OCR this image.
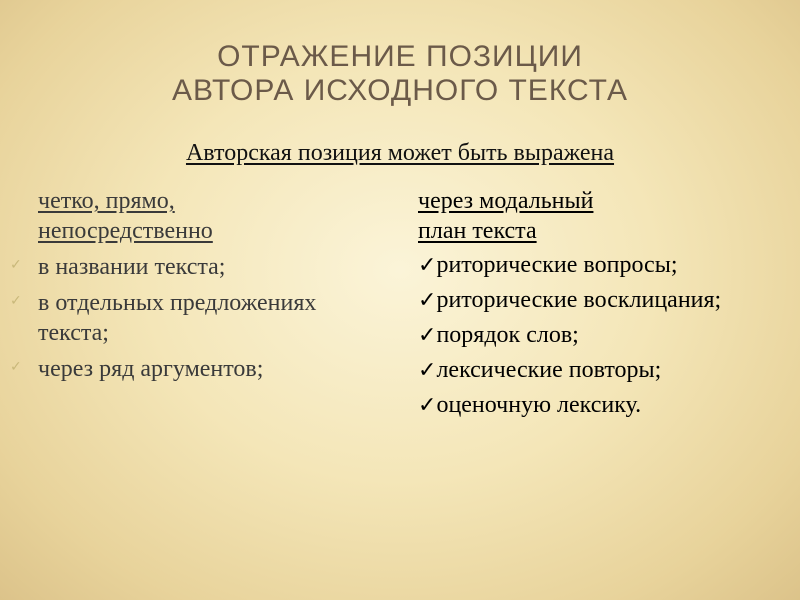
ОТРАЖЕНИЕ ПОЗИЦИИ
АВТОРА ИСХОДНОГО ТЕКСТА
Авторская позиция может быть выражена
четко, прямо,
непосредственно
✓ в названии текста;
✓ в отдельных предложениях текста;
✓ через ряд аргументов;
через модальный
план текста
✓риторические вопросы;
✓риторические восклицания;
✓порядок слов;
✓лексические повторы;
✓оценочную лексику.
